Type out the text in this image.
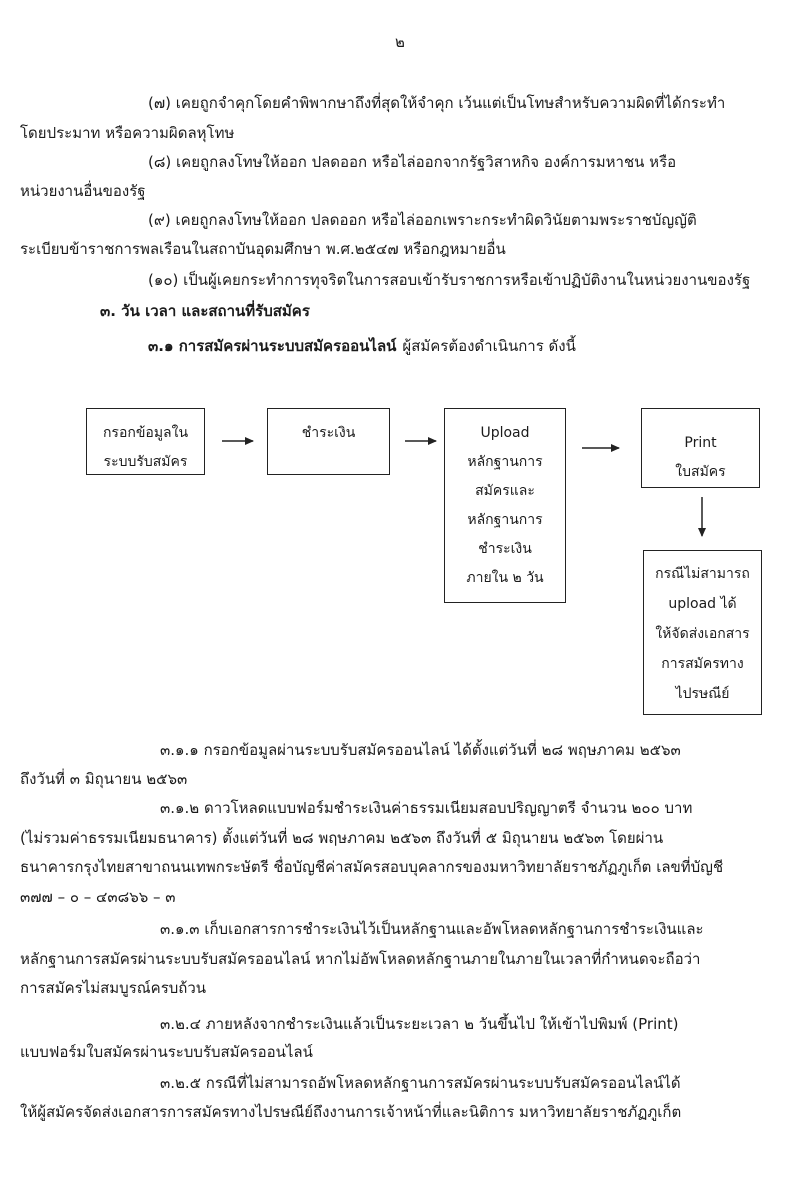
๒
(๗) เคยถูกจำคุกโดยคำพิพากษาถึงที่สุดให้จำคุก เว้นแต่เป็นโทษสำหรับความผิดที่ได้กระทำ
โดยประมาท หรือความผิดลหุโทษ
(๘) เคยถูกลงโทษให้ออก ปลดออก หรือไล่ออกจากรัฐวิสาหกิจ องค์การมหาชน หรือ
หน่วยงานอื่นของรัฐ
(๙) เคยถูกลงโทษให้ออก ปลดออก หรือไล่ออกเพราะกระทำผิดวินัยตามพระราชบัญญัติ
ระเบียบข้าราชการพลเรือนในสถาบันอุดมศึกษา พ.ศ.๒๕๔๗ หรือกฎหมายอื่น
(๑๐) เป็นผู้เคยกระทำการทุจริตในการสอบเข้ารับราชการหรือเข้าปฏิบัติงานในหน่วยงานของรัฐ
๓. วัน เวลา และสถานที่รับสมัคร
๓.๑ การสมัครผ่านระบบสมัครออนไลน์ ผู้สมัครต้องดำเนินการ ดังนี้
กรอกข้อมูลใน
ระบบรับสมัคร
ชำระเงิน	Upload
หลักฐานการ
สมัครและ
หลักฐานการ
ชำระเงิน
ภายใน ๒ วัน
Print
ใบสมัคร
กรณีไม่สามารถ
upload ได้
ให้จัดส่งเอกสาร
การสมัครทาง
ไปรษณีย์
๓.๑.๑ กรอกข้อมูลผ่านระบบรับสมัครออนไลน์ ได้ตั้งแต่วันที่ ๒๘ พฤษภาคม ๒๕๖๓
ถึงวันที่ ๓ มิถุนายน ๒๕๖๓
๓.๑.๒ ดาวโหลดแบบฟอร์มชำระเงินค่าธรรมเนียมสอบปริญญาตรี จำนวน ๒๐๐ บาท
(ไม่รวมค่าธรรมเนียมธนาคาร) ตั้งแต่วันที่ ๒๘ พฤษภาคม ๒๕๖๓ ถึงวันที่ ๕ มิถุนายน ๒๕๖๓ โดยผ่าน
ธนาคารกรุงไทยสาขาถนนเทพกระษัตรี ชื่อบัญชีค่าสมัครสอบบุคลากรของมหาวิทยาลัยราชภัฏภูเก็ต เลขที่บัญชี
๓๗๗ – ๐ – ๔๓๘๖๖ – ๓
๓.๑.๓ เก็บเอกสารการชำระเงินไว้เป็นหลักฐานและอัพโหลดหลักฐานการชำระเงินและ
หลักฐานการสมัครผ่านระบบรับสมัครออนไลน์ หากไม่อัพโหลดหลักฐานภายในภายในเวลาที่กำหนดจะถือว่า
การสมัครไม่สมบูรณ์ครบถ้วน
๓.๒.๔ ภายหลังจากชำระเงินแล้วเป็นระยะเวลา ๒ วันขึ้นไป ให้เข้าไปพิมพ์ (Print)
แบบฟอร์มใบสมัครผ่านระบบรับสมัครออนไลน์
๓.๒.๕ กรณีที่ไม่สามารถอัพโหลดหลักฐานการสมัครผ่านระบบรับสมัครออนไลน์ได้
ให้ผู้สมัครจัดส่งเอกสารการสมัครทางไปรษณีย์ถึงงานการเจ้าหน้าที่และนิติการ มหาวิทยาลัยราชภัฏภูเก็ต
